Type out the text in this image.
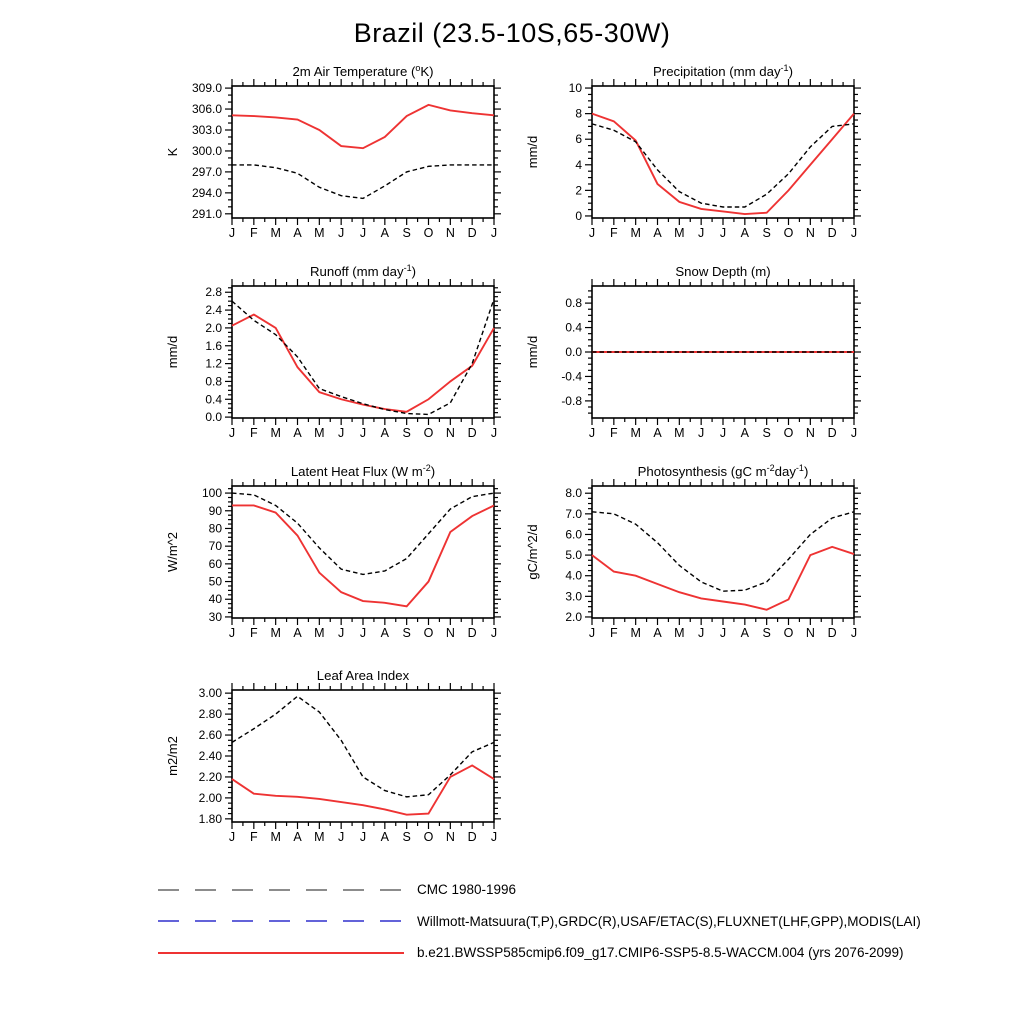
Brazil (23.5-10S,65-30W)
291.0
294.0
297.0
300.0
303.0
306.0
309.0
J F M A M J J A S O N D J
K
2m Air Temperature ($^o$K)
0
2
4
6
8
10
J F M A M J J A S O N D J
mm/d
Precipitation (mm day$^{-1}$)
0.0
0.4
0.8
1.2
1.6
2.0
2.4
2.8
J F M A M J J A S O N D J
mm/d
Runoff (mm day$^{-1}$)
-0.8
-0.4
0.0
0.4
0.8
J F M A M J J A S O N D J
mm/d
Snow Depth (m)
30
40
50
60
70
80
90
100
J F M A M J J A S O N D J
W/m^2
Latent Heat Flux (W $m^{-2}$)
2.0
3.0
4.0
5.0
6.0
7.0
8.0
J F M A M J J A S O N D J
gC/m^2/d
Photosynthesis (gC $m^{-2}day^{-1}$)
1.80
2.00
2.20
2.40
2.60
2.80
3.00
J F M A M J J A S O N D J
m2/m2
Leaf Area Index
CMC 1980-1996
Willmott-Matsuura(T,P),GRDC(R),USAF/ETAC(S),FLUXNET(LHF,GPP),MODIS(LAI)
b.e21.BWSSP585cmip6.f09_g17.CMIP6-SSP5-8.5-WACCM.004 (yrs 2076-2099)
